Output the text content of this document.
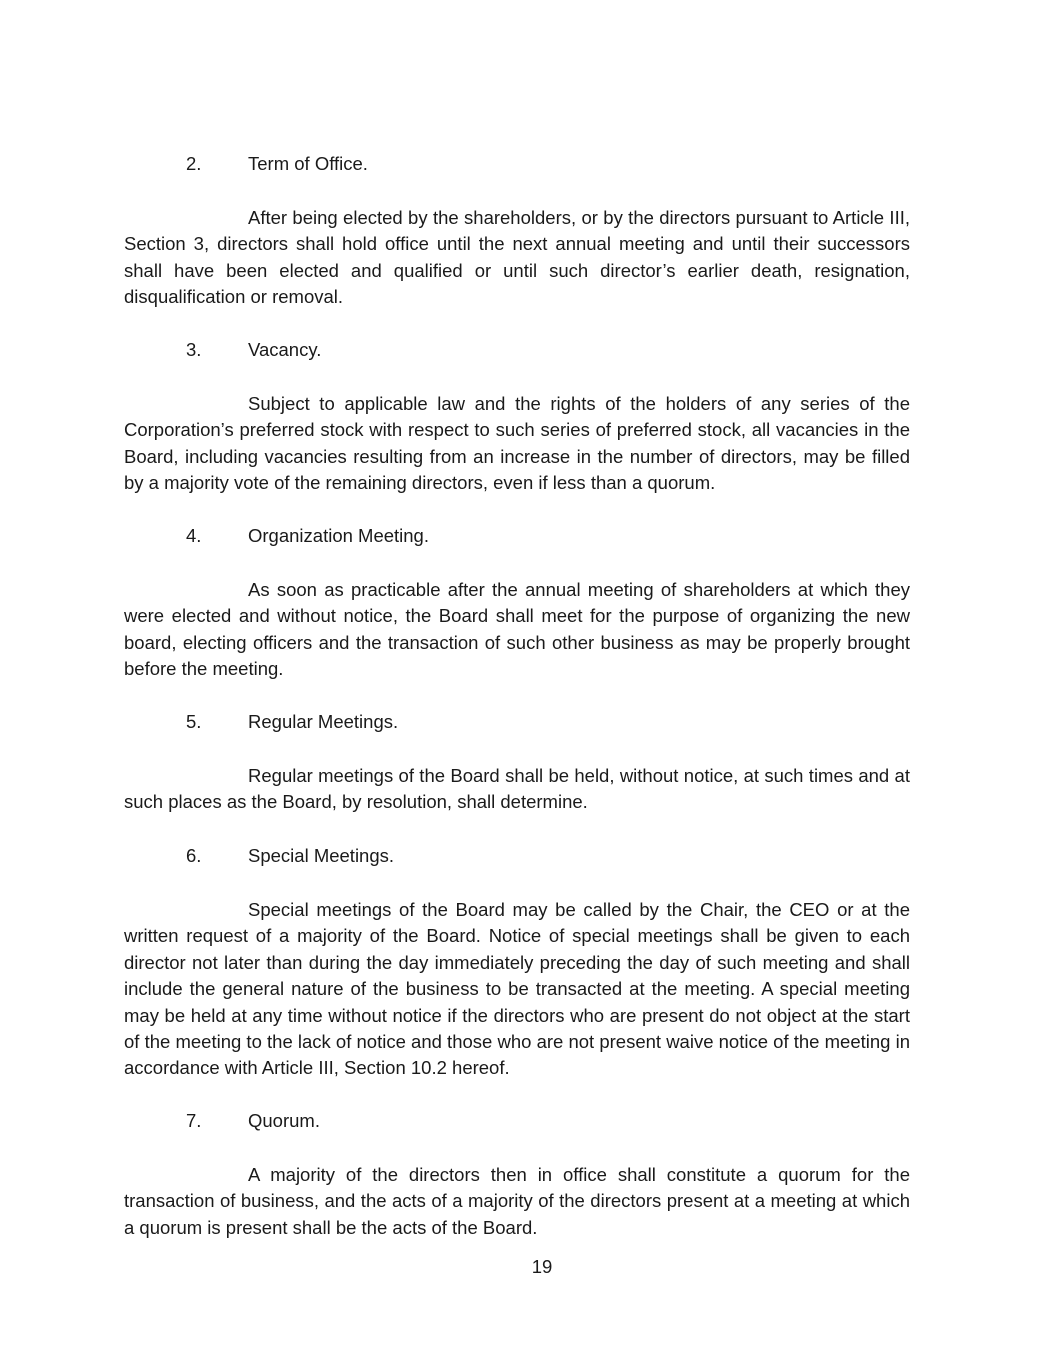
2.	Term of Office.
After being elected by the shareholders, or by the directors pursuant to Article III, Section 3, directors shall hold office until the next annual meeting and until their successors shall have been elected and qualified or until such director’s earlier death, resignation, disqualification or removal.
3.	Vacancy.
Subject to applicable law and the rights of the holders of any series of the Corporation’s preferred stock with respect to such series of preferred stock, all vacancies in the Board, including vacancies resulting from an increase in the number of directors, may be filled by a majority vote of the remaining directors, even if less than a quorum.
4.	Organization Meeting.
As soon as practicable after the annual meeting of shareholders at which they were elected and without notice, the Board shall meet for the purpose of organizing the new board, electing officers and the transaction of such other business as may be properly brought before the meeting.
5.	Regular Meetings.
Regular meetings of the Board shall be held, without notice, at such times and at such places as the Board, by resolution, shall determine.
6.	Special Meetings.
Special meetings of the Board may be called by the Chair, the CEO or at the written request of a majority of the Board. Notice of special meetings shall be given to each director not later than during the day immediately preceding the day of such meeting and shall include the general nature of the business to be transacted at the meeting. A special meeting may be held at any time without notice if the directors who are present do not object at the start of the meeting to the lack of notice and those who are not present waive notice of the meeting in accordance with Article III, Section 10.2 hereof.
7.	Quorum.
A majority of the directors then in office shall constitute a quorum for the transaction of business, and the acts of a majority of the directors present at a meeting at which a quorum is present shall be the acts of the Board.
19
